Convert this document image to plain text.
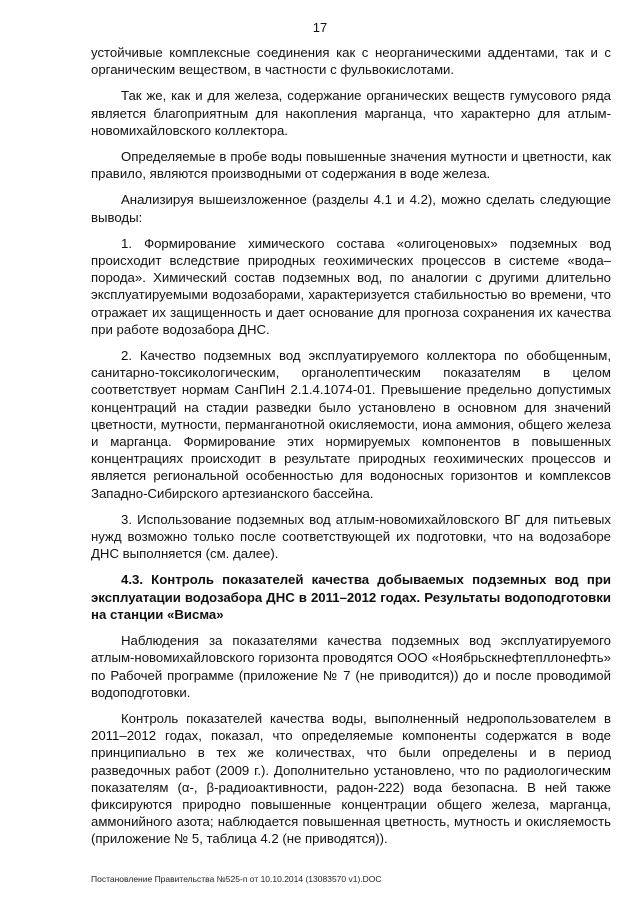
17

устойчивые комплексные соединения как с неорганическими аддентами, так и с органическим веществом, в частности с фульвокислотами.

Так же, как и для железа, содержание органических веществ гумусового ряда является благоприятным для накопления марганца, что характерно для атлым-новомихайловского коллектора.

Определяемые в пробе воды повышенные значения мутности и цветности, как правило, являются производными от содержания в воде железа.

Анализируя вышеизложенное (разделы 4.1 и 4.2), можно сделать следующие выводы:

1. Формирование химического состава «олигоценовых» подземных вод происходит вследствие природных геохимических процессов в системе «вода–порода». Химический состав подземных вод, по аналогии с другими длительно эксплуатируемыми водозаборами, характеризуется стабильностью во времени, что отражает их защищенность и дает основание для прогноза сохранения их качества при работе водозабора ДНС.

2. Качество подземных вод эксплуатируемого коллектора по обобщенным, санитарно-токсикологическим, органолептическим показателям в целом соответствует нормам СанПиН 2.1.4.1074-01. Превышение предельно допустимых концентраций на стадии разведки было установлено в основном для значений цветности, мутности, перманганотной окисляемости, иона аммония, общего железа и марганца. Формирование этих нормируемых компонентов в повышенных концентрациях происходит в результате природных геохимических процессов и является региональной особенностью для водоносных горизонтов и комплексов Западно-Сибирского артезианского бассейна.

3. Использование подземных вод атлым-новомихайловского ВГ для питьевых нужд возможно только после соответствующей их подготовки, что на водозаборе ДНС выполняется (см. далее).

4.3. Контроль показателей качества добываемых подземных вод при эксплуатации водозабора ДНС в 2011–2012 годах. Результаты водоподготовки на станции «Висма»

Наблюдения за показателями качества подземных вод эксплуатируемого атлым-новомихайловского горизонта проводятся ООО «Ноябрьскнефтепллонефть» по Рабочей программе (приложение № 7 (не приводится)) до и после проводимой водоподготовки.

Контроль показателей качества воды, выполненный недропользователем в 2011–2012 годах, показал, что определяемые компоненты содержатся в воде принципиально в тех же количествах, что были определены и в период разведочных работ (2009 г.). Дополнительно установлено, что по радиологическим показателям (α-, β-радиоактивности, радон-222) вода безопасна. В ней также фиксируются природно повышенные концентрации общего железа, марганца, аммонийного азота; наблюдается повышенная цветность, мутность и окисляемость (приложение № 5, таблица 4.2 (не приводятся)).

Постановление Правительства №525-п от 10.10.2014 (13083570 v1).DOC
